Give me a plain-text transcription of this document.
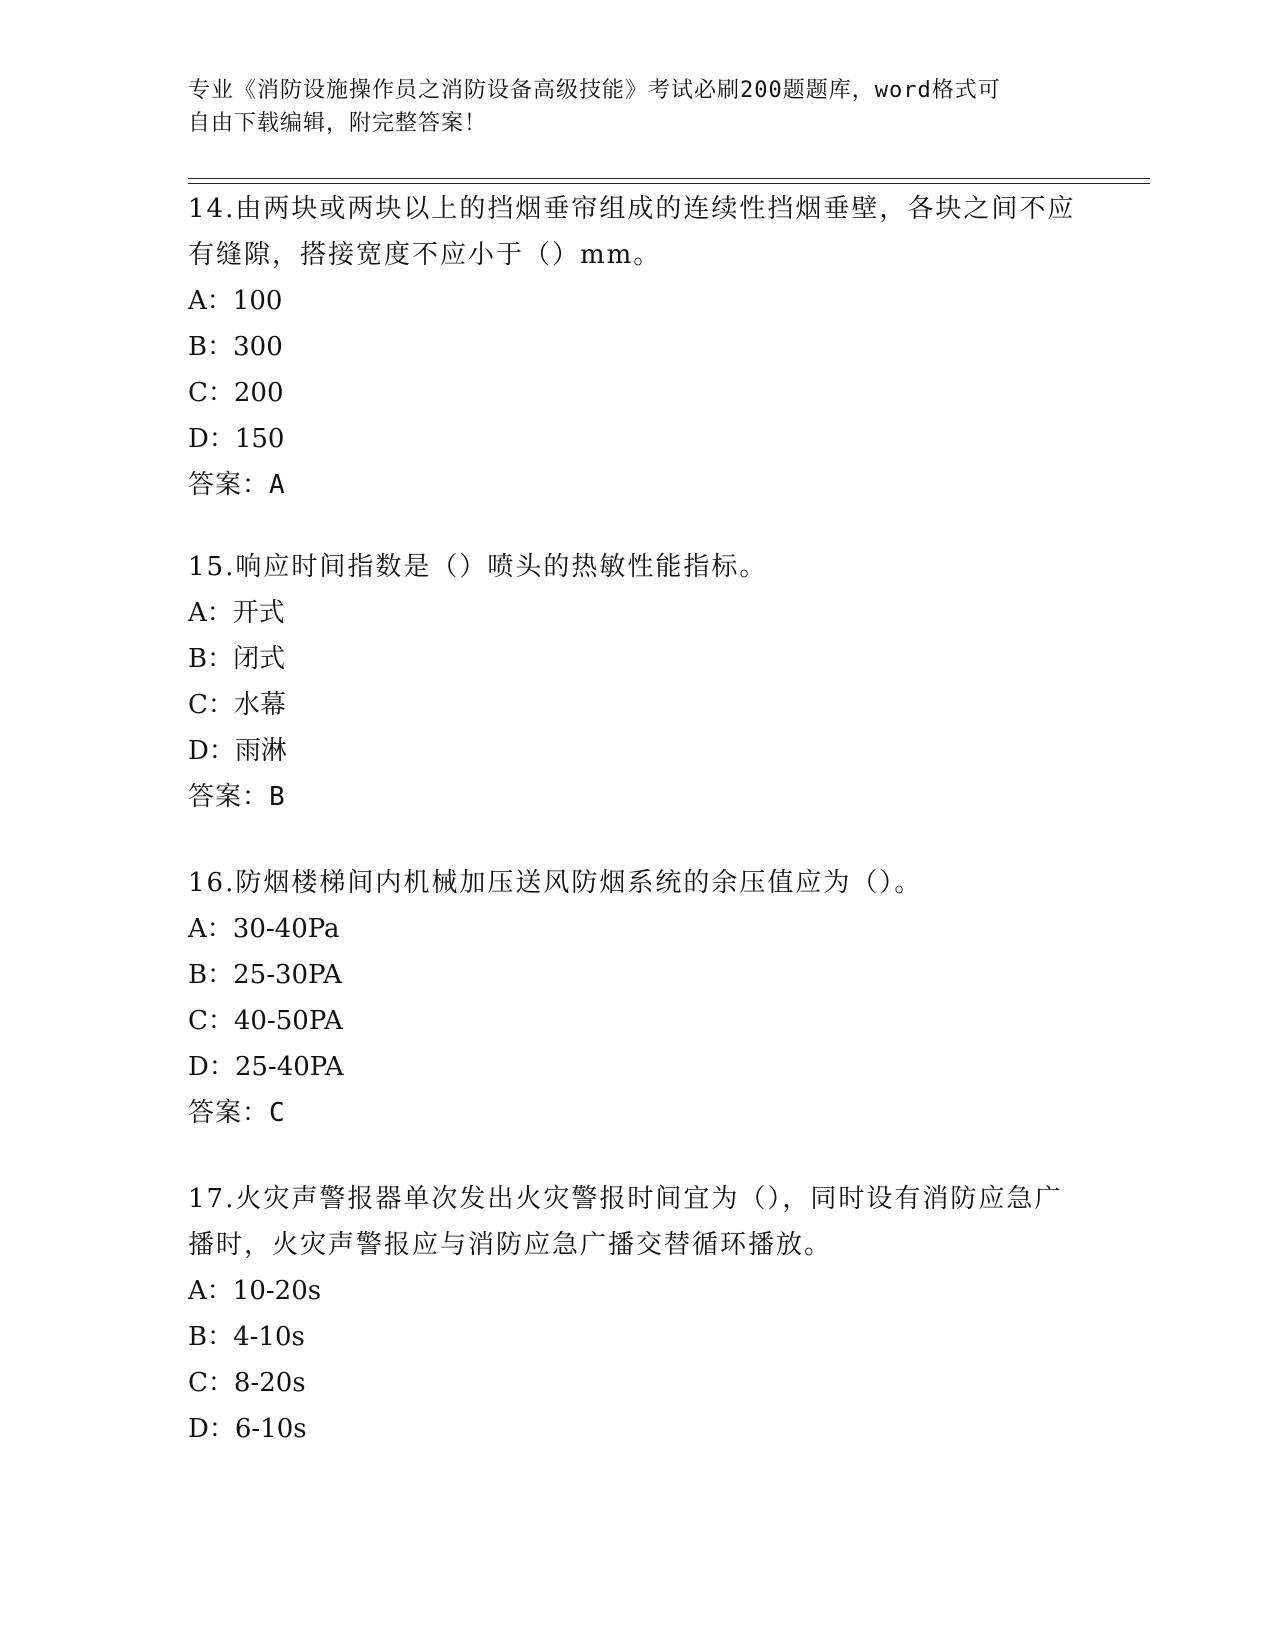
专业《消防设施操作员之消防设备高级技能》考试必刷200题题库，word格式可
自由下载编辑，附完整答案！
14.由两块或两块以上的挡烟垂帘组成的连续性挡烟垂壁，各块之间不应有缝隙，搭接宽度不应小于（）mm。
A：100
B：300
C：200
D：150
答案：A
15.响应时间指数是（）喷头的热敏性能指标。
A：开式
B：闭式
C：水幕
D：雨淋
答案：B
16.防烟楼梯间内机械加压送风防烟系统的余压值应为（）。
A：30-40Pa
B：25-30PA
C：40-50PA
D：25-40PA
答案：C
17.火灾声警报器单次发出火灾警报时间宜为（），同时设有消防应急广播时，火灾声警报应与消防应急广播交替循环播放。
A：10-20s
B：4-10s
C：8-20s
D：6-10s
